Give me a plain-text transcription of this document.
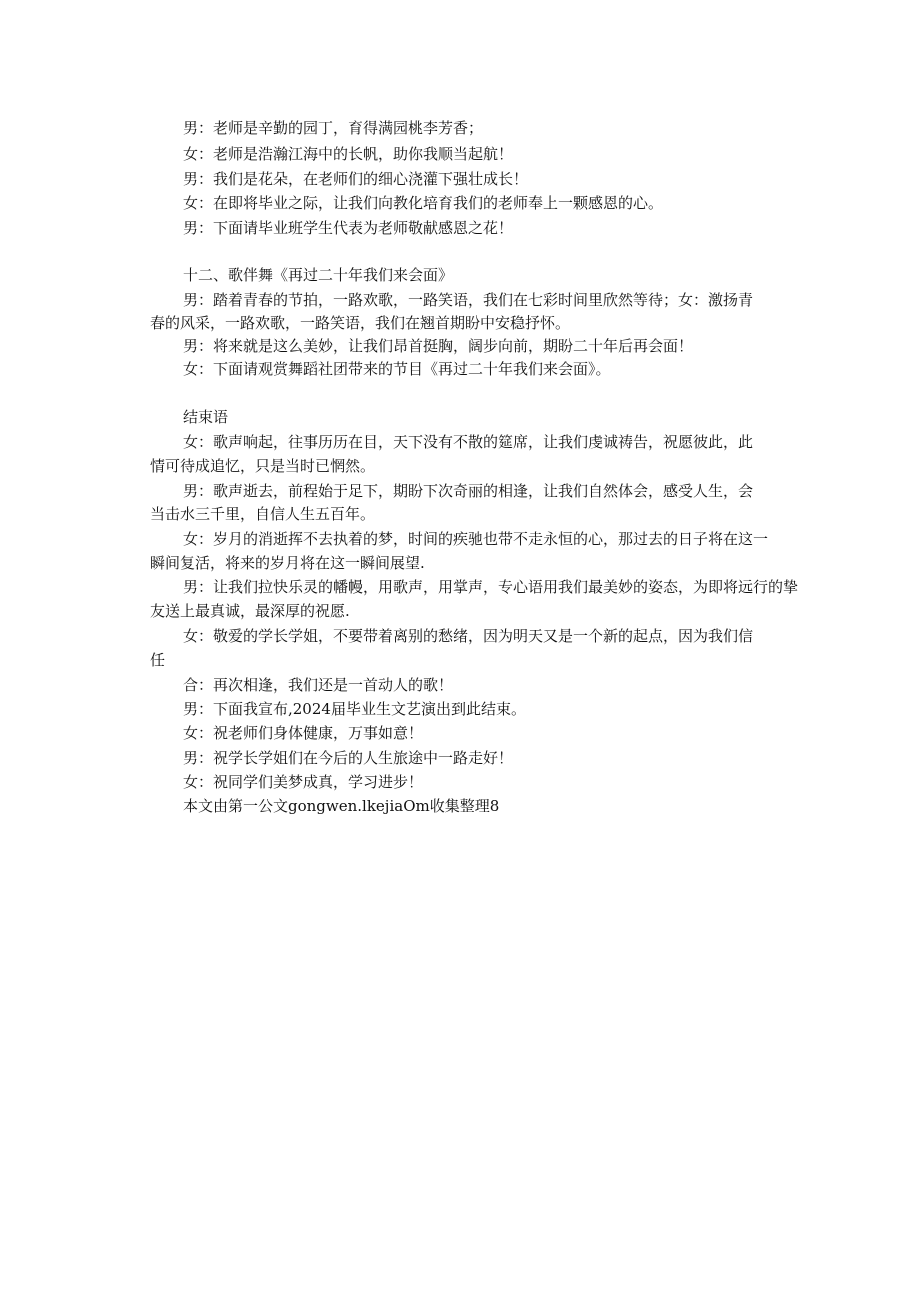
男：老师是辛勤的园丁，育得满园桃李芳香；
女：老师是浩瀚江海中的长帆，助你我顺当起航！
男：我们是花朵，在老师们的细心浇灌下强壮成长！
女：在即将毕业之际，让我们向教化培育我们的老师奉上一颗感恩的心。
男：下面请毕业班学生代表为老师敬献感恩之花！
十二、歌伴舞《再过二十年我们来会面》
男：踏着青春的节拍，一路欢歌，一路笑语，我们在七彩时间里欣然等待；女：激扬青
春的风采，一路欢歌，一路笑语，我们在翘首期盼中安稳抒怀。
男：将来就是这么美妙，让我们昂首挺胸，阔步向前，期盼二十年后再会面！
女：下面请观赏舞蹈社团带来的节目《再过二十年我们来会面》。
结束语
女：歌声响起，往事历历在目，天下没有不散的筵席，让我们虔诚祷告，祝愿彼此，此
情可待成追忆，只是当时已惘然。
男：歌声逝去，前程始于足下，期盼下次奇丽的相逢，让我们自然体会，感受人生，会
当击水三千里，自信人生五百年。
女：岁月的消逝挥不去执着的梦，时间的疾驰也带不走永恒的心，那过去的日子将在这一
瞬间复活，将来的岁月将在这一瞬间展望.
男：让我们拉快乐灵的幡幔，用歌声，用掌声，专心语用我们最美妙的姿态，为即将远行的挚
友送上最真诚，最深厚的祝愿.
女：敬爱的学长学姐，不要带着离别的愁绪，因为明天又是一个新的起点，因为我们信
任
合：再次相逢，我们还是一首动人的歌！
男：下面我宣布,2024届毕业生文艺演出到此结束。
女：祝老师们身体健康，万事如意！
男：祝学长学姐们在今后的人生旅途中一路走好！
女：祝同学们美梦成真，学习进步！
本文由第一公文gongwen.lkejiaOm收集整理8
